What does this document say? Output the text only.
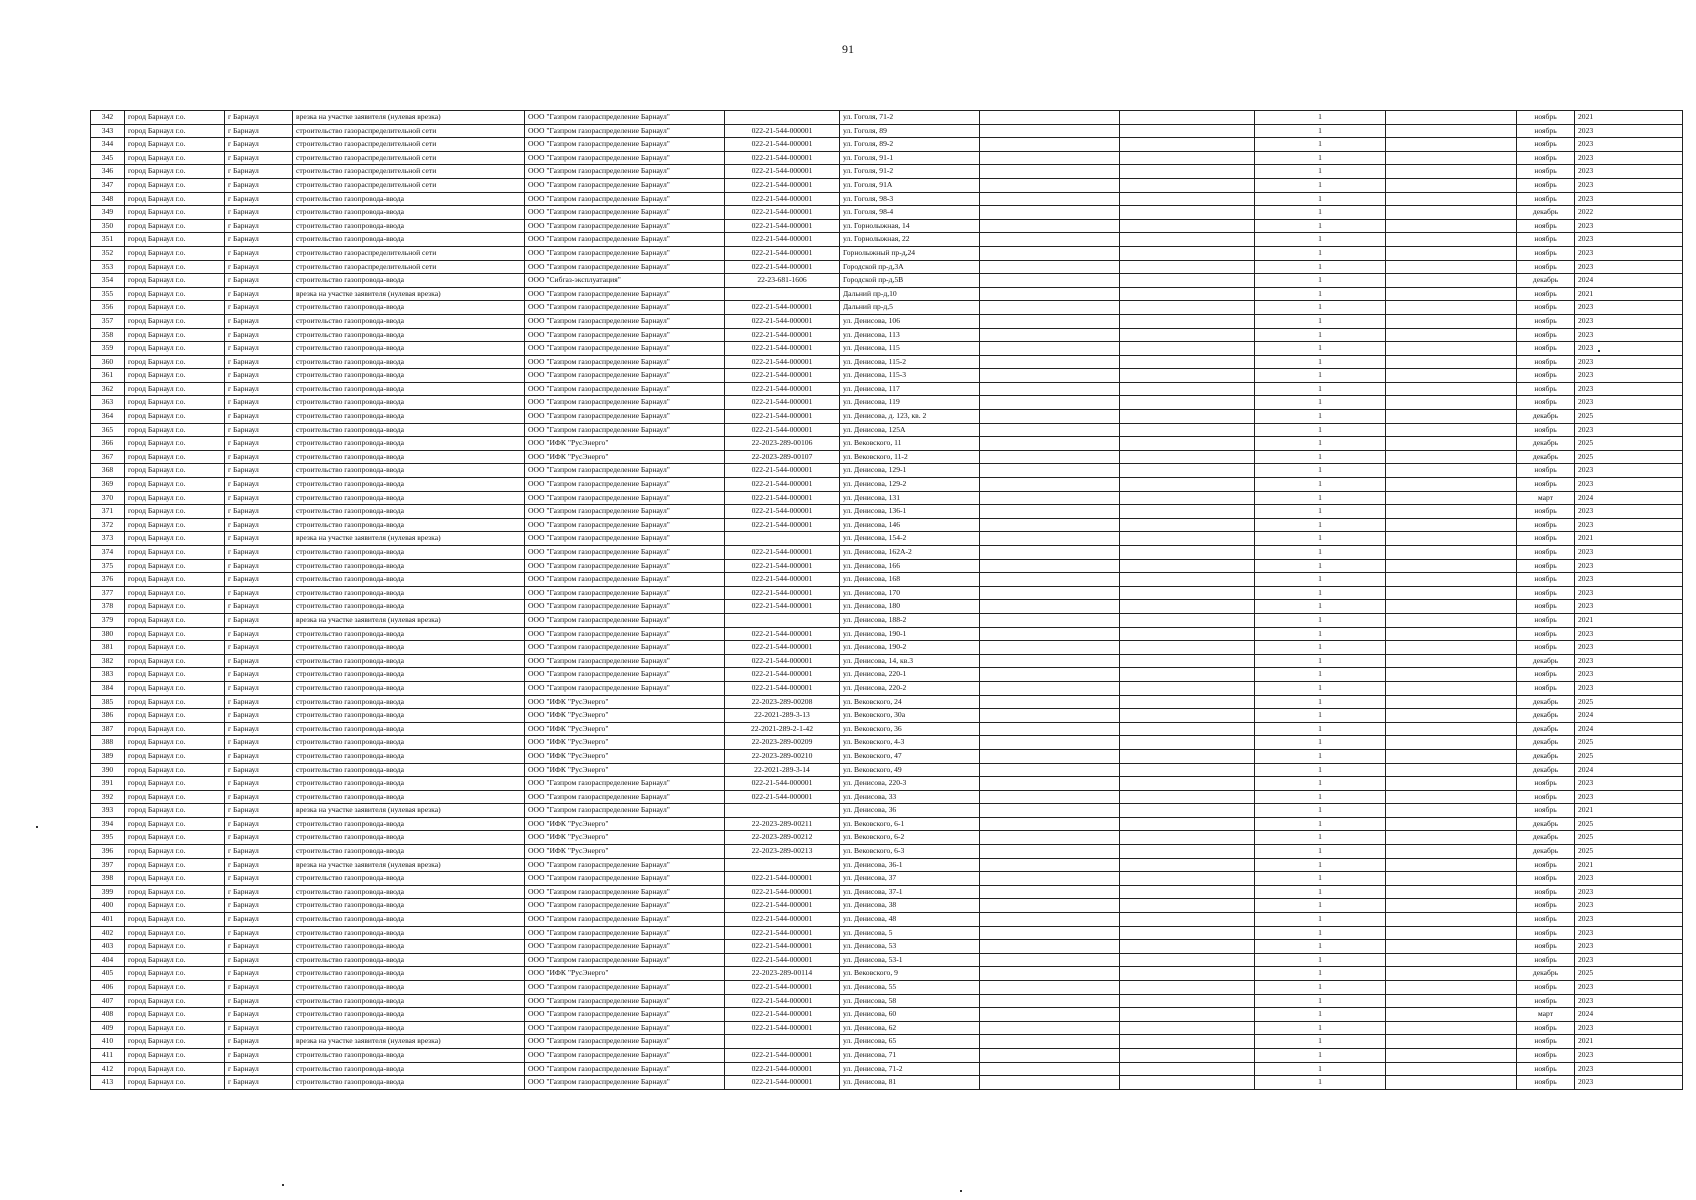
91
342	город Барнаул г.о.	г Барнаул	врезка на участке заявителя (нулевая врезка)	ООО "Газпром газораспределение Барнаул"		ул. Гоголя, 71-2			1		ноябрь	2021
343	город Барнаул г.о.	г Барнаул	строительство газораспределительной сети	ООО "Газпром газораспределение Барнаул"	022-21-544-000001	ул. Гоголя, 89			1		ноябрь	2023
344	город Барнаул г.о.	г Барнаул	строительство газораспределительной сети	ООО "Газпром газораспределение Барнаул"	022-21-544-000001	ул. Гоголя, 89-2			1		ноябрь	2023
345	город Барнаул г.о.	г Барнаул	строительство газораспределительной сети	ООО "Газпром газораспределение Барнаул"	022-21-544-000001	ул. Гоголя, 91-1			1		ноябрь	2023
346	город Барнаул г.о.	г Барнаул	строительство газораспределительной сети	ООО "Газпром газораспределение Барнаул"	022-21-544-000001	ул. Гоголя, 91-2			1		ноябрь	2023
347	город Барнаул г.о.	г Барнаул	строительство газораспределительной сети	ООО "Газпром газораспределение Барнаул"	022-21-544-000001	ул. Гоголя, 91А			1		ноябрь	2023
348	город Барнаул г.о.	г Барнаул	строительство газопровода-ввода	ООО "Газпром газораспределение Барнаул"	022-21-544-000001	ул. Гоголя, 98-3			1		ноябрь	2023
349	город Барнаул г.о.	г Барнаул	строительство газопровода-ввода	ООО "Газпром газораспределение Барнаул"	022-21-544-000001	ул. Гоголя, 98-4			1		декабрь	2022
350	город Барнаул г.о.	г Барнаул	строительство газопровода-ввода	ООО "Газпром газораспределение Барнаул"	022-21-544-000001	ул. Горнолыжная, 14			1		ноябрь	2023
351	город Барнаул г.о.	г Барнаул	строительство газопровода-ввода	ООО "Газпром газораспределение Барнаул"	022-21-544-000001	ул. Горнолыжная, 22			1		ноябрь	2023
352	город Барнаул г.о.	г Барнаул	строительство газораспределительной сети	ООО "Газпром газораспределение Барнаул"	022-21-544-000001	Горнолыжный пр-д,24			1		ноябрь	2023
353	город Барнаул г.о.	г Барнаул	строительство газораспределительной сети	ООО "Газпром газораспределение Барнаул"	022-21-544-000001	Городской пр-д,3А			1		ноябрь	2023
354	город Барнаул г.о.	г Барнаул	строительство газопровода-ввода	ООО "Сибгаз-эксплуатация"	22-23-681-1606	Городской пр-д,5В			1		декабрь	2024
355	город Барнаул г.о.	г Барнаул	врезка на участке заявителя (нулевая врезка)	ООО "Газпром газораспределение Барнаул"		Дальний пр-д,10			1		ноябрь	2021
356	город Барнаул г.о.	г Барнаул	строительство газопровода-ввода	ООО "Газпром газораспределение Барнаул"	022-21-544-000001	Дальний пр-д,5			1		ноябрь	2023
357	город Барнаул г.о.	г Барнаул	строительство газопровода-ввода	ООО "Газпром газораспределение Барнаул"	022-21-544-000001	ул. Денисова, 106			1		ноябрь	2023
358	город Барнаул г.о.	г Барнаул	строительство газопровода-ввода	ООО "Газпром газораспределение Барнаул"	022-21-544-000001	ул. Денисова, 113			1		ноябрь	2023
359	город Барнаул г.о.	г Барнаул	строительство газопровода-ввода	ООО "Газпром газораспределение Барнаул"	022-21-544-000001	ул. Денисова, 115			1		ноябрь	2023
360	город Барнаул г.о.	г Барнаул	строительство газопровода-ввода	ООО "Газпром газораспределение Барнаул"	022-21-544-000001	ул. Денисова, 115-2			1		ноябрь	2023
361	город Барнаул г.о.	г Барнаул	строительство газопровода-ввода	ООО "Газпром газораспределение Барнаул"	022-21-544-000001	ул. Денисова, 115-3			1		ноябрь	2023
362	город Барнаул г.о.	г Барнаул	строительство газопровода-ввода	ООО "Газпром газораспределение Барнаул"	022-21-544-000001	ул. Денисова, 117			1		ноябрь	2023
363	город Барнаул г.о.	г Барнаул	строительство газопровода-ввода	ООО "Газпром газораспределение Барнаул"	022-21-544-000001	ул. Денисова, 119			1		ноябрь	2023
364	город Барнаул г.о.	г Барнаул	строительство газопровода-ввода	ООО "Газпром газораспределение Барнаул"	022-21-544-000001	ул. Денисова, д. 123, кв. 2			1		декабрь	2025
365	город Барнаул г.о.	г Барнаул	строительство газопровода-ввода	ООО "Газпром газораспределение Барнаул"	022-21-544-000001	ул. Денисова, 125А			1		ноябрь	2023
366	город Барнаул г.о.	г Барнаул	строительство газопровода-ввода	ООО "ИФК "РусЭнерго"	22-2023-289-00106	ул. Вековского, 11			1		декабрь	2025
367	город Барнаул г.о.	г Барнаул	строительство газопровода-ввода	ООО "ИФК "РусЭнерго"	22-2023-289-00107	ул. Вековского, 11-2			1		декабрь	2025
368	город Барнаул г.о.	г Барнаул	строительство газопровода-ввода	ООО "Газпром газораспределение Барнаул"	022-21-544-000001	ул. Денисова, 129-1			1		ноябрь	2023
369	город Барнаул г.о.	г Барнаул	строительство газопровода-ввода	ООО "Газпром газораспределение Барнаул"	022-21-544-000001	ул. Денисова, 129-2			1		ноябрь	2023
370	город Барнаул г.о.	г Барнаул	строительство газопровода-ввода	ООО "Газпром газораспределение Барнаул"	022-21-544-000001	ул. Денисова, 131			1		март	2024
371	город Барнаул г.о.	г Барнаул	строительство газопровода-ввода	ООО "Газпром газораспределение Барнаул"	022-21-544-000001	ул. Денисова, 136-1			1		ноябрь	2023
372	город Барнаул г.о.	г Барнаул	строительство газопровода-ввода	ООО "Газпром газораспределение Барнаул"	022-21-544-000001	ул. Денисова, 146			1		ноябрь	2023
373	город Барнаул г.о.	г Барнаул	врезка на участке заявителя (нулевая врезка)	ООО "Газпром газораспределение Барнаул"		ул. Денисова, 154-2			1		ноябрь	2021
374	город Барнаул г.о.	г Барнаул	строительство газопровода-ввода	ООО "Газпром газораспределение Барнаул"	022-21-544-000001	ул. Денисова, 162А-2			1		ноябрь	2023
375	город Барнаул г.о.	г Барнаул	строительство газопровода-ввода	ООО "Газпром газораспределение Барнаул"	022-21-544-000001	ул. Денисова, 166			1		ноябрь	2023
376	город Барнаул г.о.	г Барнаул	строительство газопровода-ввода	ООО "Газпром газораспределение Барнаул"	022-21-544-000001	ул. Денисова, 168			1		ноябрь	2023
377	город Барнаул г.о.	г Барнаул	строительство газопровода-ввода	ООО "Газпром газораспределение Барнаул"	022-21-544-000001	ул. Денисова, 170			1		ноябрь	2023
378	город Барнаул г.о.	г Барнаул	строительство газопровода-ввода	ООО "Газпром газораспределение Барнаул"	022-21-544-000001	ул. Денисова, 180			1		ноябрь	2023
379	город Барнаул г.о.	г Барнаул	врезка на участке заявителя (нулевая врезка)	ООО "Газпром газораспределение Барнаул"		ул. Денисова, 188-2			1		ноябрь	2021
380	город Барнаул г.о.	г Барнаул	строительство газопровода-ввода	ООО "Газпром газораспределение Барнаул"	022-21-544-000001	ул. Денисова, 190-1			1		ноябрь	2023
381	город Барнаул г.о.	г Барнаул	строительство газопровода-ввода	ООО "Газпром газораспределение Барнаул"	022-21-544-000001	ул. Денисова, 190-2			1		ноябрь	2023
382	город Барнаул г.о.	г Барнаул	строительство газопровода-ввода	ООО "Газпром газораспределение Барнаул"	022-21-544-000001	ул. Денисова, 14, кв.3			1		декабрь	2023
383	город Барнаул г.о.	г Барнаул	строительство газопровода-ввода	ООО "Газпром газораспределение Барнаул"	022-21-544-000001	ул. Денисова, 220-1			1		ноябрь	2023
384	город Барнаул г.о.	г Барнаул	строительство газопровода-ввода	ООО "Газпром газораспределение Барнаул"	022-21-544-000001	ул. Денисова, 220-2			1		ноябрь	2023
385	город Барнаул г.о.	г Барнаул	строительство газопровода-ввода	ООО "ИФК "РусЭнерго"	22-2023-289-00208	ул. Вековского, 24			1		декабрь	2025
386	город Барнаул г.о.	г Барнаул	строительство газопровода-ввода	ООО "ИФК "РусЭнерго"	22-2021-289-3-13	ул. Вековского, 30а			1		декабрь	2024
387	город Барнаул г.о.	г Барнаул	строительство газопровода-ввода	ООО "ИФК "РусЭнерго"	22-2021-289-2-1-42	ул. Вековского, 36			1		декабрь	2024
388	город Барнаул г.о.	г Барнаул	строительство газопровода-ввода	ООО "ИФК "РусЭнерго"	22-2023-289-00209	ул. Вековского, 4-3			1		декабрь	2025
389	город Барнаул г.о.	г Барнаул	строительство газопровода-ввода	ООО "ИФК "РусЭнерго"	22-2023-289-00210	ул. Вековского, 47			1		декабрь	2025
390	город Барнаул г.о.	г Барнаул	строительство газопровода-ввода	ООО "ИФК "РусЭнерго"	22-2021-289-3-14	ул. Вековского, 49			1		декабрь	2024
391	город Барнаул г.о.	г Барнаул	строительство газопровода-ввода	ООО "Газпром газораспределение Барнаул"	022-21-544-000001	ул. Денисова, 220-3			1		ноябрь	2023
392	город Барнаул г.о.	г Барнаул	строительство газопровода-ввода	ООО "Газпром газораспределение Барнаул"	022-21-544-000001	ул. Денисова, 33			1		ноябрь	2023
393	город Барнаул г.о.	г Барнаул	врезка на участке заявителя (нулевая врезка)	ООО "Газпром газораспределение Барнаул"		ул. Денисова, 36			1		ноябрь	2021
394	город Барнаул г.о.	г Барнаул	строительство газопровода-ввода	ООО "ИФК "РусЭнерго"	22-2023-289-00211	ул. Вековского, 6-1			1		декабрь	2025
395	город Барнаул г.о.	г Барнаул	строительство газопровода-ввода	ООО "ИФК "РусЭнерго"	22-2023-289-00212	ул. Вековского, 6-2			1		декабрь	2025
396	город Барнаул г.о.	г Барнаул	строительство газопровода-ввода	ООО "ИФК "РусЭнерго"	22-2023-289-00213	ул. Вековского, 6-3			1		декабрь	2025
397	город Барнаул г.о.	г Барнаул	врезка на участке заявителя (нулевая врезка)	ООО "Газпром газораспределение Барнаул"		ул. Денисова, 36-1			1		ноябрь	2021
398	город Барнаул г.о.	г Барнаул	строительство газопровода-ввода	ООО "Газпром газораспределение Барнаул"	022-21-544-000001	ул. Денисова, 37			1		ноябрь	2023
399	город Барнаул г.о.	г Барнаул	строительство газопровода-ввода	ООО "Газпром газораспределение Барнаул"	022-21-544-000001	ул. Денисова, 37-1			1		ноябрь	2023
400	город Барнаул г.о.	г Барнаул	строительство газопровода-ввода	ООО "Газпром газораспределение Барнаул"	022-21-544-000001	ул. Денисова, 38			1		ноябрь	2023
401	город Барнаул г.о.	г Барнаул	строительство газопровода-ввода	ООО "Газпром газораспределение Барнаул"	022-21-544-000001	ул. Денисова, 48			1		ноябрь	2023
402	город Барнаул г.о.	г Барнаул	строительство газопровода-ввода	ООО "Газпром газораспределение Барнаул"	022-21-544-000001	ул. Денисова, 5			1		ноябрь	2023
403	город Барнаул г.о.	г Барнаул	строительство газопровода-ввода	ООО "Газпром газораспределение Барнаул"	022-21-544-000001	ул. Денисова, 53			1		ноябрь	2023
404	город Барнаул г.о.	г Барнаул	строительство газопровода-ввода	ООО "Газпром газораспределение Барнаул"	022-21-544-000001	ул. Денисова, 53-1			1		ноябрь	2023
405	город Барнаул г.о.	г Барнаул	строительство газопровода-ввода	ООО "ИФК "РусЭнерго"	22-2023-289-00114	ул. Вековского, 9			1		декабрь	2025
406	город Барнаул г.о.	г Барнаул	строительство газопровода-ввода	ООО "Газпром газораспределение Барнаул"	022-21-544-000001	ул. Денисова, 55			1		ноябрь	2023
407	город Барнаул г.о.	г Барнаул	строительство газопровода-ввода	ООО "Газпром газораспределение Барнаул"	022-21-544-000001	ул. Денисова, 58			1		ноябрь	2023
408	город Барнаул г.о.	г Барнаул	строительство газопровода-ввода	ООО "Газпром газораспределение Барнаул"	022-21-544-000001	ул. Денисова, 60			1		март	2024
409	город Барнаул г.о.	г Барнаул	строительство газопровода-ввода	ООО "Газпром газораспределение Барнаул"	022-21-544-000001	ул. Денисова, 62			1		ноябрь	2023
410	город Барнаул г.о.	г Барнаул	врезка на участке заявителя (нулевая врезка)	ООО "Газпром газораспределение Барнаул"		ул. Денисова, 65			1		ноябрь	2021
411	город Барнаул г.о.	г Барнаул	строительство газопровода-ввода	ООО "Газпром газораспределение Барнаул"	022-21-544-000001	ул. Денисова, 71			1		ноябрь	2023
412	город Барнаул г.о.	г Барнаул	строительство газопровода-ввода	ООО "Газпром газораспределение Барнаул"	022-21-544-000001	ул. Денисова, 71-2			1		ноябрь	2023
413	город Барнаул г.о.	г Барнаул	строительство газопровода-ввода	ООО "Газпром газораспределение Барнаул"	022-21-544-000001	ул. Денисова, 81			1		ноябрь	2023
